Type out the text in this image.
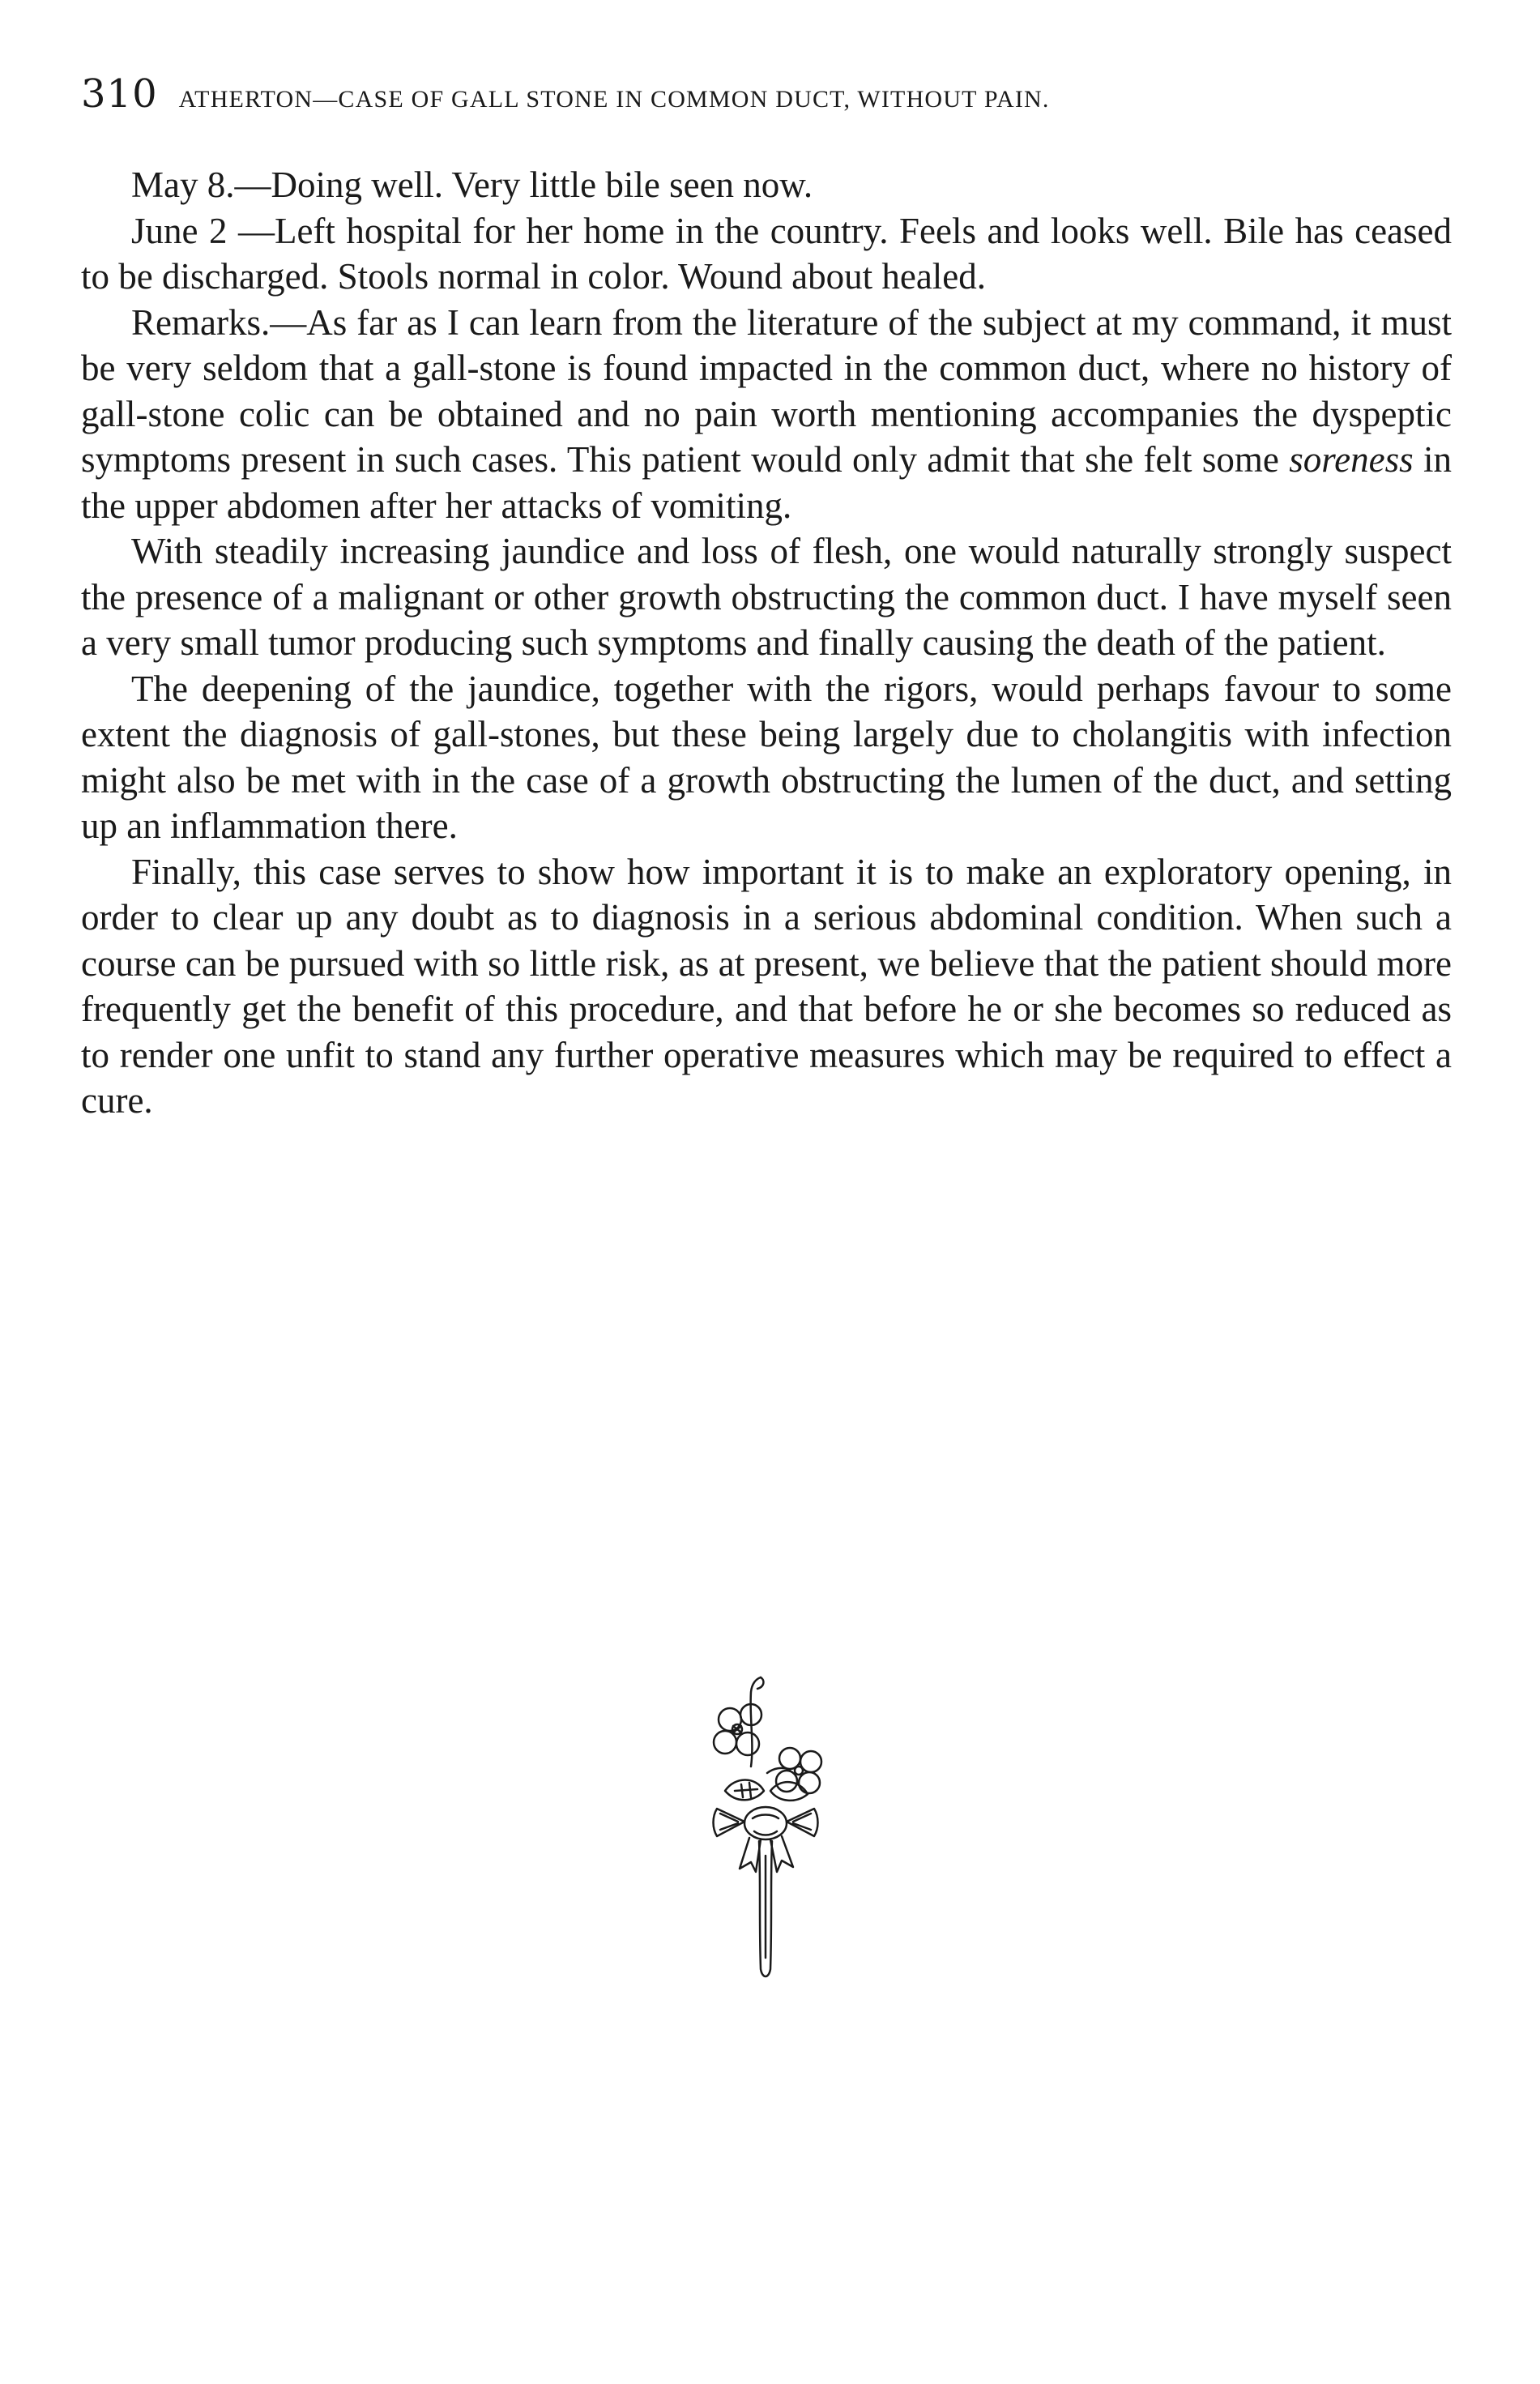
310 ATHERTON—CASE OF GALL STONE IN COMMON DUCT, WITHOUT PAIN.

May 8.—Doing well. Very little bile seen now.

June 2 —Left hospital for her home in the country. Feels and looks well. Bile has ceased to be discharged. Stools normal in color. Wound about healed.

Remarks.—As far as I can learn from the literature of the subject at my command, it must be very seldom that a gall-stone is found impacted in the common duct, where no history of gall-stone colic can be obtained and no pain worth mentioning accompanies the dyspeptic symptoms present in such cases. This patient would only admit that she felt some soreness in the upper abdomen after her attacks of vomiting.

With steadily increasing jaundice and loss of flesh, one would naturally strongly suspect the presence of a malignant or other growth obstructing the common duct. I have myself seen a very small tumor producing such symptoms and finally causing the death of the patient.

The deepening of the jaundice, together with the rigors, would perhaps favour to some extent the diagnosis of gall-stones, but these being largely due to cholangitis with infection might also be met with in the case of a growth obstructing the lumen of the duct, and setting up an inflammation there.

Finally, this case serves to show how important it is to make an exploratory opening, in order to clear up any doubt as to diagnosis in a serious abdominal condition. When such a course can be pursued with so little risk, as at present, we believe that the patient should more frequently get the benefit of this procedure, and that before he or she becomes so reduced as to render one unfit to stand any further operative measures which may be required to effect a cure.
